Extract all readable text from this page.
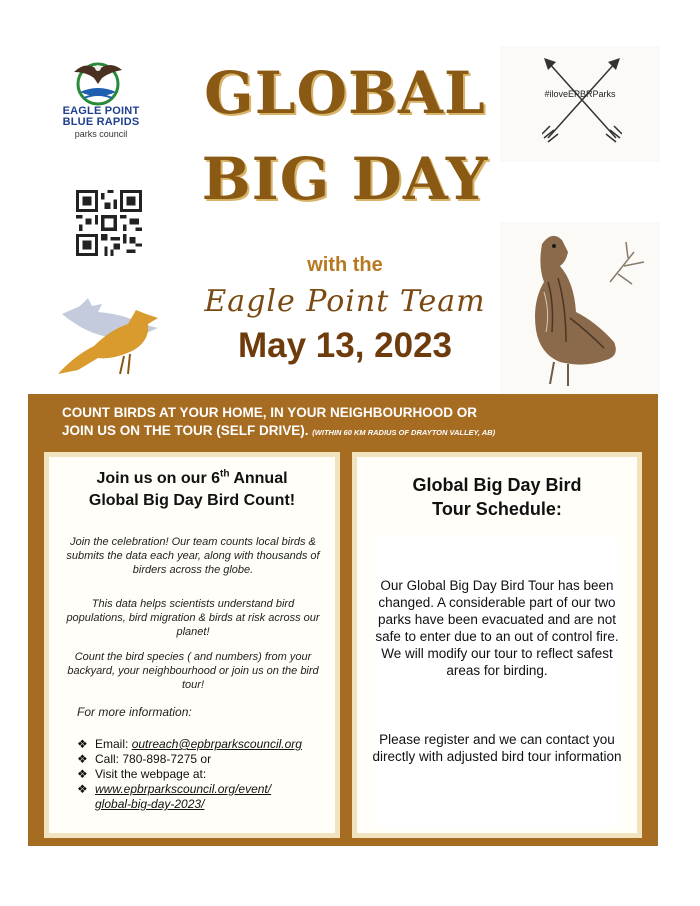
EAGLE POINT
BLUE RAPIDS
parks council
#iloveEPBRParks
GLOBAL
BIG DAY
with the
Eagle Point Team
May 13, 2023
COUNT BIRDS AT YOUR HOME, IN YOUR NEIGHBOURHOOD OR
JOIN US ON THE TOUR (SELF DRIVE). (WITHIN 60 KM RADIUS OF DRAYTON VALLEY, AB)
Join us on our 6th Annual
Global Big Day Bird Count!
Join the celebration! Our team counts local birds & submits the data each year, along with thousands of birders across the globe.
This data helps scientists understand bird populations, bird migration & birds at risk across our planet!
Count the bird species ( and numbers) from your backyard, your neighbourhood or join us on the bird tour!
For more information:
❖ Email: outreach@epbrparkscouncil.org
❖ Call: 780-898-7275 or
❖ Visit the webpage at:
❖ www.epbrparkscouncil.org/event/
global-big-day-2023/
Global Big Day Bird
Tour Schedule:
Our Global Big Day Bird Tour has been changed. A considerable part of our two parks have been evacuated and are not safe to enter due to an out of control fire. We will modify our tour to reflect safest areas for birding.
Please register and we can contact you directly with adjusted bird tour information
